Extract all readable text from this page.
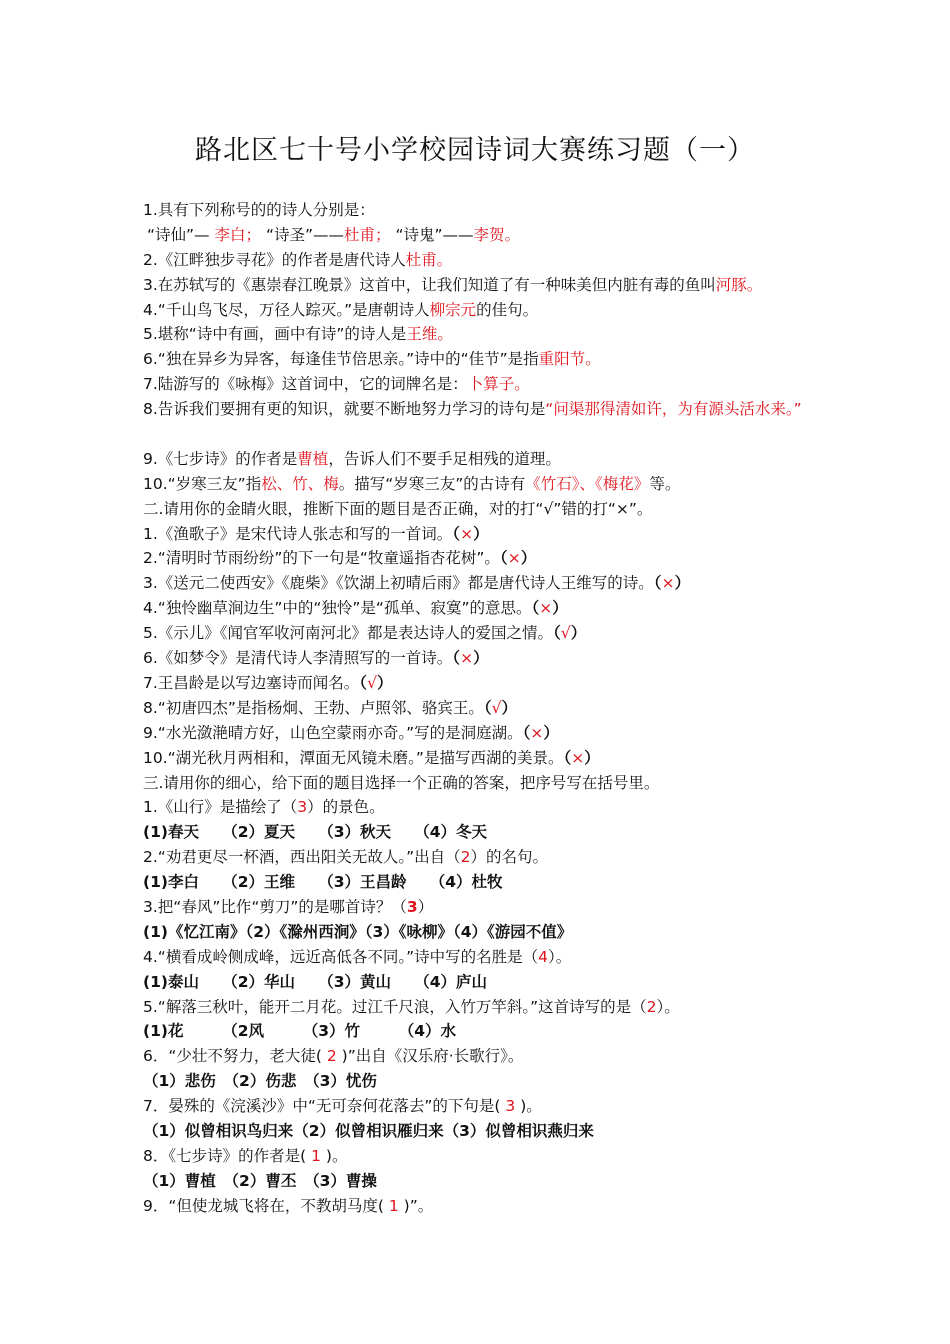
路北区七十号小学校园诗词大赛练习题（一）
1.具有下列称号的的诗人分别是：
“诗仙”— 李白； “诗圣”——杜甫； “诗鬼”——李贺。
2.《江畔独步寻花》的作者是唐代诗人杜甫。
3.在苏轼写的《惠崇春江晚景》这首中，让我们知道了有一种味美但内脏有毒的鱼叫河豚。
4.“千山鸟飞尽，万径人踪灭。”是唐朝诗人柳宗元的佳句。
5.堪称“诗中有画，画中有诗”的诗人是王维。
6.“独在异乡为异客，每逢佳节倍思亲。”诗中的“佳节”是指重阳节。
7.陆游写的《咏梅》这首词中，它的词牌名是：卜算子。
8.告诉我们要拥有更的知识，就要不断地努力学习的诗句是“问渠那得清如许，为有源头活水来。”
9.《七步诗》的作者是曹植，告诉人们不要手足相残的道理。
10.“岁寒三友”指松、竹、梅。描写“岁寒三友”的古诗有《竹石》、《梅花》等。
二.请用你的金睛火眼，推断下面的题目是否正确，对的打“√”错的打“×”。
1.《渔歌子》是宋代诗人张志和写的一首词。（×）
2.“清明时节雨纷纷”的下一句是“牧童遥指杏花树”。（×）
3.《送元二使西安》《鹿柴》《饮湖上初晴后雨》都是唐代诗人王维写的诗。（×）
4.“独怜幽草涧边生”中的“独怜”是“孤单、寂寞”的意思。（×）
5.《示儿》《闻官军收河南河北》都是表达诗人的爱国之情。（√）
6.《如梦令》是清代诗人李清照写的一首诗。（×）
7.王昌龄是以写边塞诗而闻名。（√）
8.“初唐四杰”是指杨炯、王勃、卢照邻、骆宾王。（√）
9.“水光潋滟晴方好，山色空蒙雨亦奇。”写的是洞庭湖。（×）
10.“湖光秋月两相和，潭面无风镜未磨。”是描写西湖的美景。（×）
三.请用你的细心，给下面的题目选择一个正确的答案，把序号写在括号里。
1.《山行》是描绘了（3）的景色。
(1)春天　　（2）夏天　　（3）秋天　　（4）冬天
2.“劝君更尽一杯酒，西出阳关无故人。”出自（2）的名句。
(1)李白　　（2）王维　　（3）王昌龄　　（4）杜牧
3.把“春风”比作“剪刀”的是哪首诗？（3）
(1)《忆江南》（2）《滁州西涧》（3）《咏柳》（4）《游园不值》
4.“横看成岭侧成峰，远近高低各不同。”诗中写的名胜是（4）。
(1)泰山　　（2）华山　　（3）黄山　　（4）庐山
5.“解落三秋叶，能开二月花。过江千尺浪，入竹万竿斜。”这首诗写的是（2）。
(1)花　　　（2风　　　（3）竹　　　（4）水
6．“少壮不努力，老大徒( 2 )”出自《汉乐府·长歌行》。
（1）悲伤　（2）伤悲　（3）忧伤
7．晏殊的《浣溪沙》中“无可奈何花落去”的下句是( 3 )。
（1）似曾相识鸟归来（2）似曾相识雁归来（3）似曾相识燕归来
8．《七步诗》的作者是( 1 )。
（1）曹植　（2）曹丕　（3）曹操
9．“但使龙城飞将在，不教胡马度( 1 )”。
